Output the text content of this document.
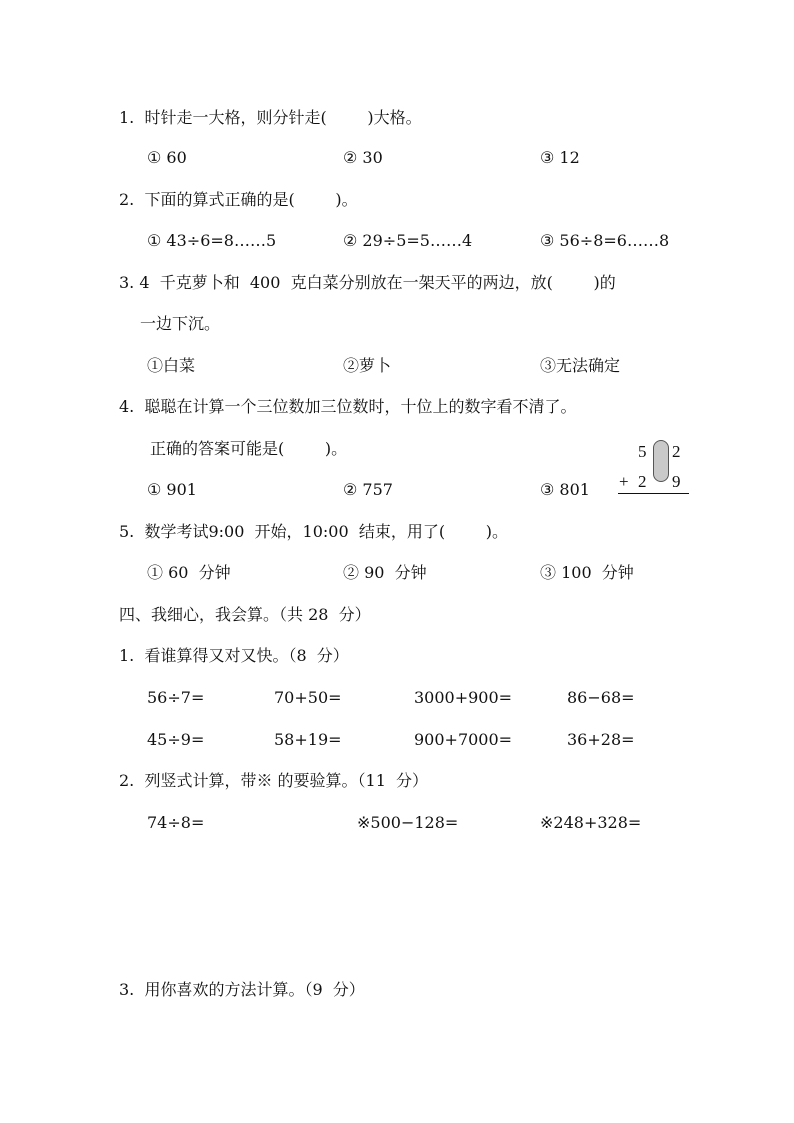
1.  时针走一大格，则分针走(        )大格。
① 60	② 30	③ 12
2.  下面的算式正确的是(        )。
① 43÷6=8……5	② 29÷5=5……4	③ 56÷8=6……8
3. 4  千克萝卜和  400  克白菜分别放在一架天平的两边，放(        )的
一边下沉。
①白菜	②萝卜	③无法确定
4.  聪聪在计算一个三位数加三位数时，十位上的数字看不清了。
正确的答案可能是(        )。
① 901	② 757	③ 801
5 2
+ 2 9
5.  数学考试9:00  开始，10:00  结束，用了(        )。
① 60  分钟	② 90  分钟	③ 100  分钟
四、我细心，我会算。（共 28  分）
1.  看谁算得又对又快。（8  分）
56÷7=	70+50=	3000+900=	86−68=
45÷9=	58+19=	900+7000=	36+28=
2.  列竖式计算，带※ 的要验算。（11  分）
74÷8=	※500−128=	※248+328=
3.  用你喜欢的方法计算。（9  分）
